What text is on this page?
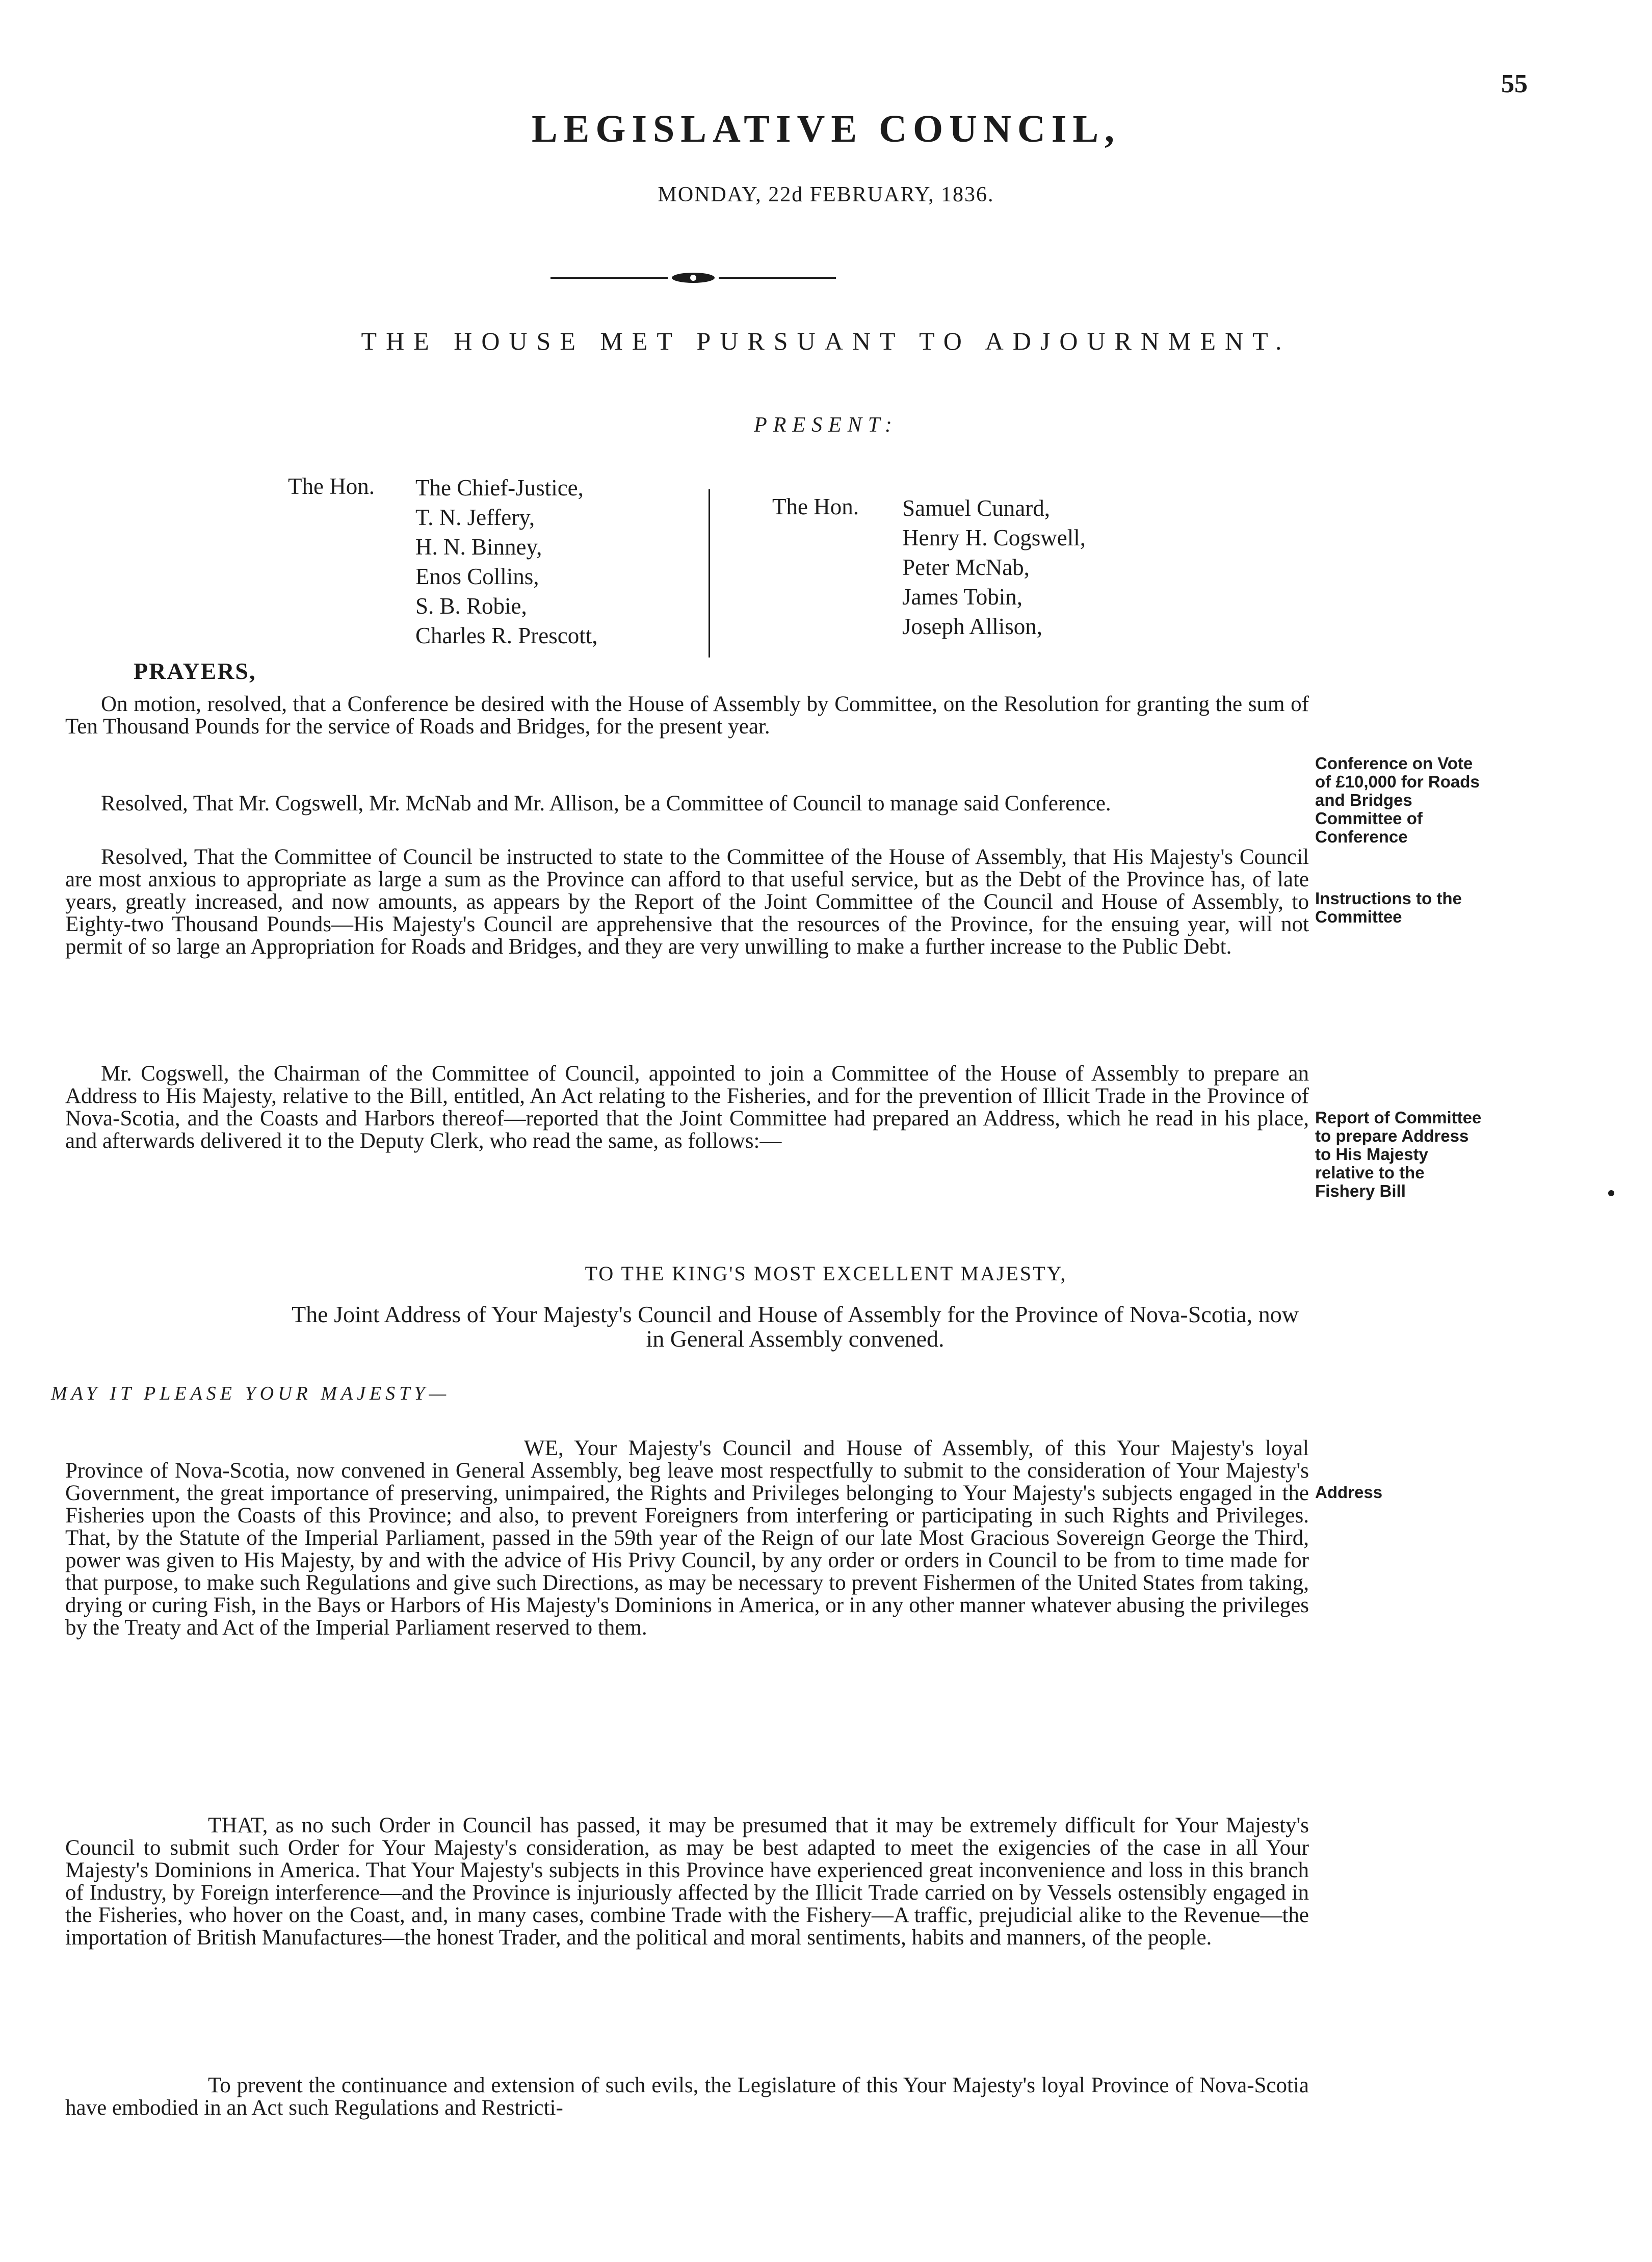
55
LEGISLATIVE COUNCIL,
MONDAY, 22d FEBRUARY, 1836.
THE HOUSE MET PURSUANT TO ADJOURNMENT.
PRESENT:
The Hon. The Chief-Justice,
T. N. Jeffery,
H. N. Binney,
Enos Collins,
S. B. Robie,
Charles R. Prescott,
The Hon. Samuel Cunard,
Henry H. Cogswell,
Peter McNab,
James Tobin,
Joseph Allison,
PRAYERS,

On motion, resolved, that a Conference be desired with the House of Assembly by Committee, on the Resolution for granting the sum of Ten Thousand Pounds for the service of Roads and Bridges, for the present year.

Resolved, That Mr. Cogswell, Mr. McNab and Mr. Allison, be a Committee of Council to manage said Conference.

Resolved, That the Committee of Council be instructed to state to the Committee of the House of Assembly, that His Majesty's Council are most anxious to appropriate as large a sum as the Province can afford to that useful service, but as the Debt of the Province has, of late years, greatly increased, and now amounts, as appears by the Report of the Joint Committee of the Council and House of Assembly, to Eighty-two Thousand Pounds—His Majesty's Council are apprehensive that the resources of the Province, for the ensuing year, will not permit of so large an Appropriation for Roads and Bridges, and they are very unwilling to make a further increase to the Public Debt.

Mr. Cogswell, the Chairman of the Committee of Council, appointed to join a Committee of the House of Assembly to prepare an Address to His Majesty, relative to the Bill, entitled, An Act relating to the Fisheries, and for the prevention of Illicit Trade in the Province of Nova-Scotia, and the Coasts and Harbors thereof—reported that the Joint Committee had prepared an Address, which he read in his place, and afterwards delivered it to the Deputy Clerk, who read the same, as follows:—

Conference on Vote of £10,000 for Roads and Bridges Committee of Conference
Instructions to the Committee
Report of Committee to prepare Address to His Majesty relative to the Fishery Bill
TO THE KING'S MOST EXCELLENT MAJESTY,
The Joint Address of Your Majesty's Council and House of Assembly for the Province of Nova-Scotia, now in General Assembly convened.
MAY IT PLEASE YOUR MAJESTY—

WE, Your Majesty's Council and House of Assembly, of this Your Majesty's loyal Province of Nova-Scotia, now convened in General Assembly, beg leave most respectfully to submit to the consideration of Your Majesty's Government, the great importance of preserving, unimpaired, the Rights and Privileges belonging to Your Majesty's subjects engaged in the Fisheries upon the Coasts of this Province; and also, to prevent Foreigners from interfering or participating in such Rights and Privileges. That, by the Statute of the Imperial Parliament, passed in the 59th year of the Reign of our late Most Gracious Sovereign George the Third, power was given to His Majesty, by and with the advice of His Privy Council, by any order or orders in Council to be from to time made for that purpose, to make such Regulations and give such Directions, as may be necessary to prevent Fishermen of the United States from taking, drying or curing Fish, in the Bays or Harbors of His Majesty's Dominions in America, or in any other manner whatever abusing the privileges by the Treaty and Act of the Imperial Parliament reserved to them.

THAT, as no such Order in Council has passed, it may be presumed that it may be extremely difficult for Your Majesty's Council to submit such Order for Your Majesty's consideration, as may be best adapted to meet the exigencies of the case in all Your Majesty's Dominions in America. That Your Majesty's subjects in this Province have experienced great inconvenience and loss in this branch of Industry, by Foreign interference—and the Province is injuriously affected by the Illicit Trade carried on by Vessels ostensibly engaged in the Fisheries, who hover on the Coast, and, in many cases, combine Trade with the Fishery—A traffic, prejudicial alike to the Revenue—the importation of British Manufactures—the honest Trader, and the political and moral sentiments, habits and manners, of the people.

To prevent the continuance and extension of such evils, the Legislature of this Your Majesty's loyal Province of Nova-Scotia have embodied in an Act such Regulations and Restricti-

Address
